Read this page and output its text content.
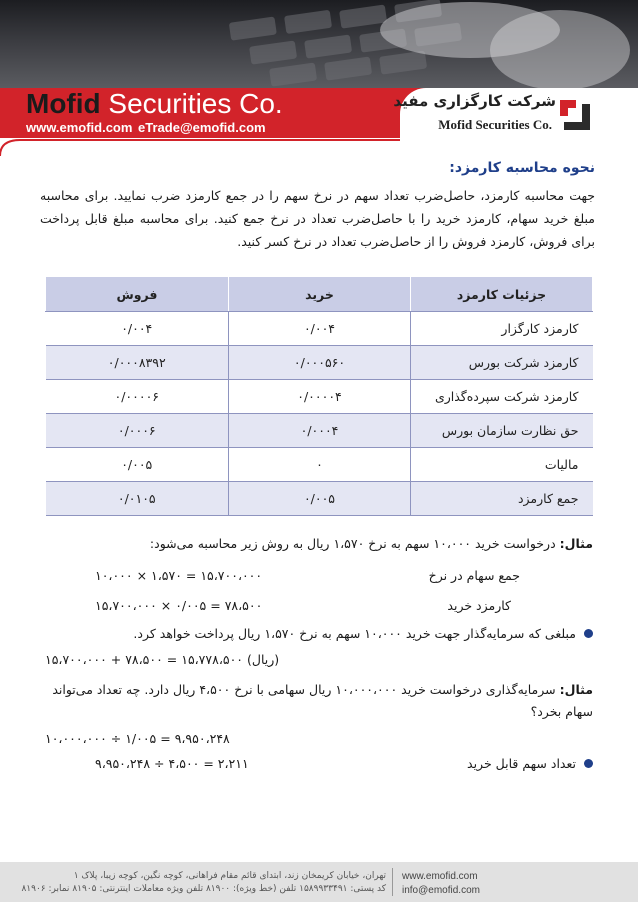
Mofid Securities Co.
www.emofid.com eTrade@emofid.com
شرکت کارگزاری مفید
Mofid Securities Co.
نحوه محاسبه کارمزد:

جهت محاسبه کارمزد، حاصل‌ضرب تعداد سهم در نرخ سهم را در جمع کارمزد ضرب نمایید. برای محاسبه مبلغ خرید سهام، کارمزد خرید را با حاصل‌ضرب تعداد در نرخ جمع کنید. برای محاسبه مبلغ قابل پرداخت برای فروش، کارمزد فروش را از حاصل‌ضرب تعداد در نرخ کسر کنید.

جزئیات کارمزد	خرید	فروش
کارمزد کارگزار	۰/۰۰۴	۰/۰۰۴
کارمزد شرکت بورس	۰/۰۰۰۵۶۰	۰/۰۰۰۸۳۹۲
کارمزد شرکت سپرده‌گذاری	۰/۰۰۰۰۴	۰/۰۰۰۰۶
حق نظارت سازمان بورس	۰/۰۰۰۴	۰/۰۰۰۶
مالیات	۰	۰/۰۰۵
جمع کارمزد	۰/۰۰۵	۰/۰۱۰۵
مثال: درخواست خرید ۱۰،۰۰۰ سهم به نرخ ۱،۵۷۰ ریال به روش زیر محاسبه می‌شود:
جمع سهام در نرخ
۱۰،۰۰۰ × ۱،۵۷۰ = ۱۵،۷۰۰،۰۰۰
کارمزد خرید
۱۵،۷۰۰،۰۰۰ × ۰/۰۰۵ = ۷۸،۵۰۰
مبلغی که سرمایه‌گذار جهت خرید ۱۰،۰۰۰ سهم به نرخ ۱،۵۷۰ ریال پرداخت خواهد کرد.
۱۵،۷۰۰،۰۰۰ + ۷۸،۵۰۰ = ۱۵،۷۷۸،۵۰۰ (ریال)
مثال: سرمایه‌گذاری درخواست خرید ۱۰،۰۰۰،۰۰۰ ریال سهامی با نرخ ۴،۵۰۰ ریال دارد. چه تعداد می‌تواند
سهام بخرد؟
۱۰،۰۰۰،۰۰۰ ÷ ۱/۰۰۵ = ۹،۹۵۰،۲۴۸
تعداد سهم قابل خرید
۹،۹۵۰،۲۴۸ ÷ ۴،۵۰۰ = ۲،۲۱۱
تهران، خیابان کریمخان زند، ابتدای قائم مقام فراهانی، کوچه نگین، کوچه زیبا، پلاک ۱
کد پستی: ۱۵۸۹۹۳۳۴۹۱ تلفن (خط ویژه): ۸۱۹۰۰ تلفن ویژه معاملات اینترنتی: ۸۱۹۰۵ نمابر: ۸۱۹۰۶
www.emofid.com
info@emofid.com
